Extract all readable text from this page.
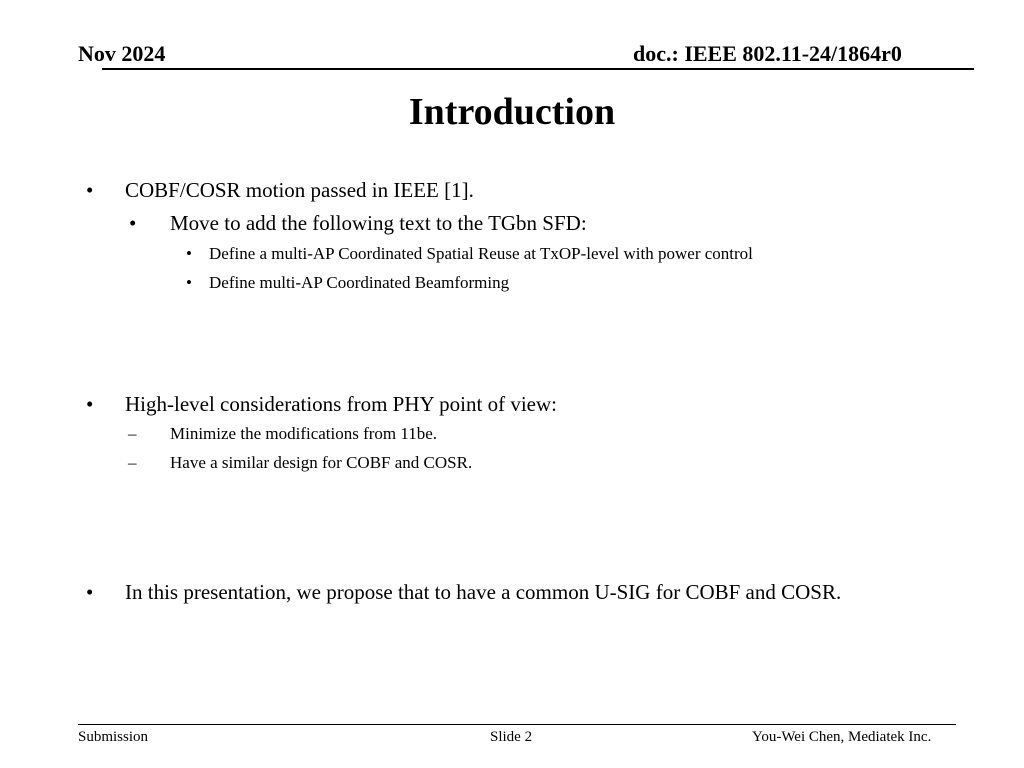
Nov 2024	doc.: IEEE 802.11-24/1864r0
Introduction
• COBF/COSR motion passed in IEEE [1].
• Move to add the following text to the TGbn SFD:
• Define a multi-AP Coordinated Spatial Reuse at TxOP-level with power control
• Define multi-AP Coordinated Beamforming
• High-level considerations from PHY point of view:
– Minimize the modifications from 11be.
– Have a similar design for COBF and COSR.
• In this presentation, we propose that to have a common U-SIG for COBF and COSR.
Submission	Slide 2	You-Wei Chen, Mediatek Inc.
